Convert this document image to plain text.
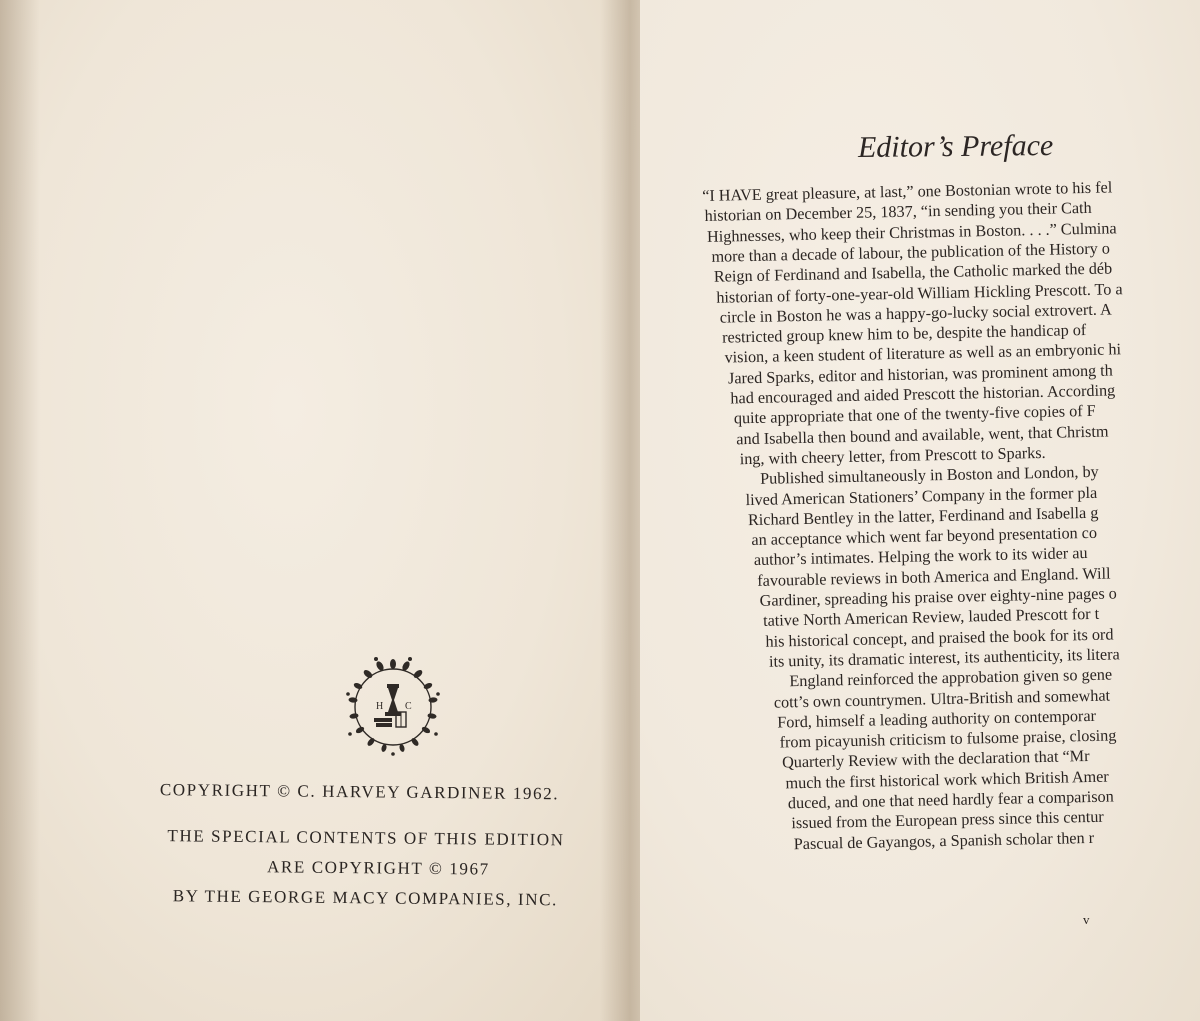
H C
COPYRIGHT © C. HARVEY GARDINER 1962.
THE SPECIAL CONTENTS OF THIS EDITION
ARE COPYRIGHT © 1967
BY THE GEORGE MACY COMPANIES, INC.
Editor’s Preface
“I HAVE great pleasure, at last,” one Bostonian wrote to his fel
historian on December 25, 1837, “in sending you their Cath
Highnesses, who keep their Christmas in Boston. . . .” Culmina
more than a decade of labour, the publication of the History o
Reign of Ferdinand and Isabella, the Catholic marked the déb
historian of forty-one-year-old William Hickling Prescott. To a
circle in Boston he was a happy-go-lucky social extrovert. A
restricted group knew him to be, despite the handicap of
vision, a keen student of literature as well as an embryonic hi
Jared Sparks, editor and historian, was prominent among th
had encouraged and aided Prescott the historian. According
quite appropriate that one of the twenty-five copies of F
and Isabella then bound and available, went, that Christm
ing, with cheery letter, from Prescott to Sparks.
Published simultaneously in Boston and London, by
lived American Stationers’ Company in the former pla
Richard Bentley in the latter, Ferdinand and Isabella g
an acceptance which went far beyond presentation co
author’s intimates. Helping the work to its wider au
favourable reviews in both America and England. Will
Gardiner, spreading his praise over eighty-nine pages o
tative North American Review, lauded Prescott for t
his historical concept, and praised the book for its ord
its unity, its dramatic interest, its authenticity, its litera
England reinforced the approbation given so gene
cott’s own countrymen. Ultra-British and somewhat
Ford, himself a leading authority on contemporar
from picayunish criticism to fulsome praise, closing
Quarterly Review with the declaration that “Mr
much the first historical work which British Amer
duced, and one that need hardly fear a comparison
issued from the European press since this centur
Pascual de Gayangos, a Spanish scholar then r
v
